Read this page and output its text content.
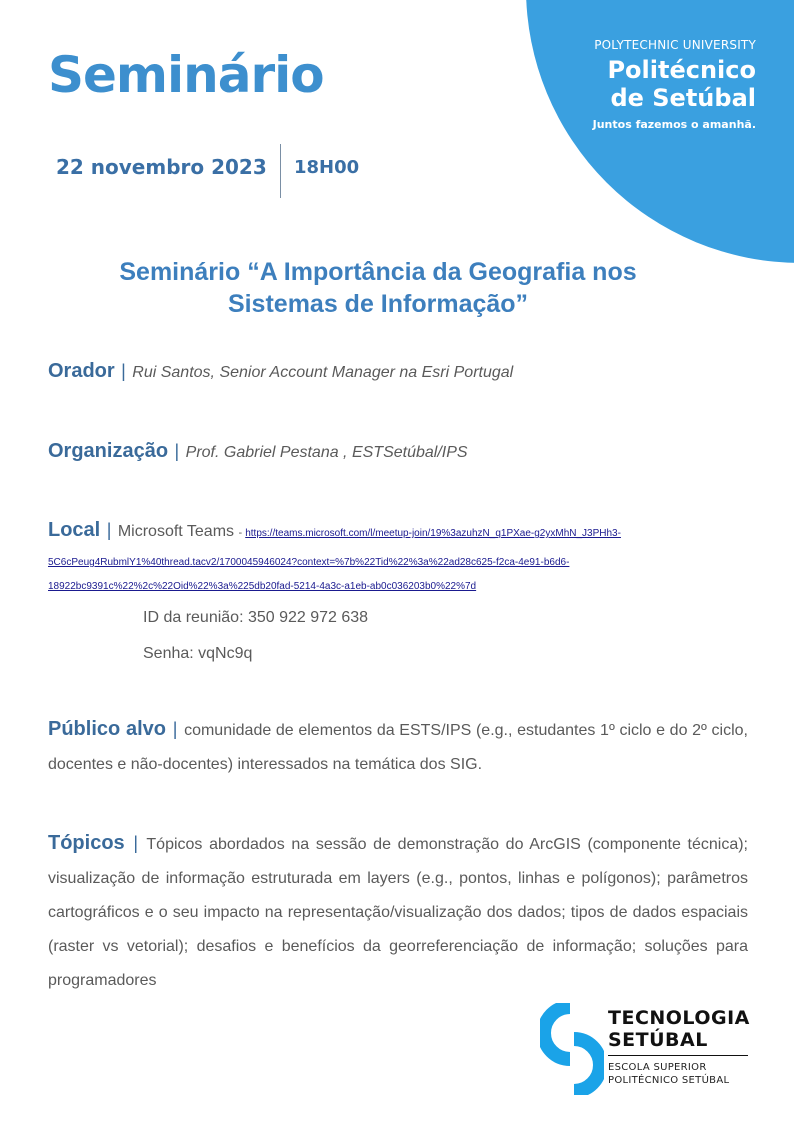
POLYTECHNIC UNIVERSITY
Politécnico
de Setúbal
Juntos fazemos o amanhã.
Seminário
22 novembro 2023 18H00
Seminário “A Importância da Geografia nos
Sistemas de Informação”
Orador | Rui Santos, Senior Account Manager na Esri Portugal
Organização | Prof. Gabriel Pestana , ESTSetúbal/IPS
Local | Microsoft Teams - https://teams.microsoft.com/l/meetup-join/19%3azuhzN_q1PXae-g2yxMhN_J3PHh3-
5C6cPeug4RubmlY1%40thread.tacv2/1700045946024?context=%7b%22Tid%22%3a%22ad28c625-f2ca-4e91-b6d6-
18922bc9391c%22%2c%22Oid%22%3a%225db20fad-5214-4a3c-a1eb-ab0c036203b0%22%7d
ID da reunião: 350 922 972 638
Senha: vqNc9q
Público alvo | comunidade de elementos da ESTS/IPS (e.g., estudantes 1º ciclo e do 2º ciclo, docentes e não-docentes) interessados na temática dos SIG.
Tópicos | Tópicos abordados na sessão de demonstração do ArcGIS (componente técnica); visualização de informação estruturada em layers (e.g., pontos, linhas e polígonos); parâmetros cartográficos e o seu impacto na representação/visualização dos dados; tipos de dados espaciais (raster vs vetorial); desafios e benefícios da georreferenciação de informação; soluções para programadores
TECNOLOGIA
SETÚBAL
ESCOLA SUPERIOR
POLITÉCNICO SETÚBAL
